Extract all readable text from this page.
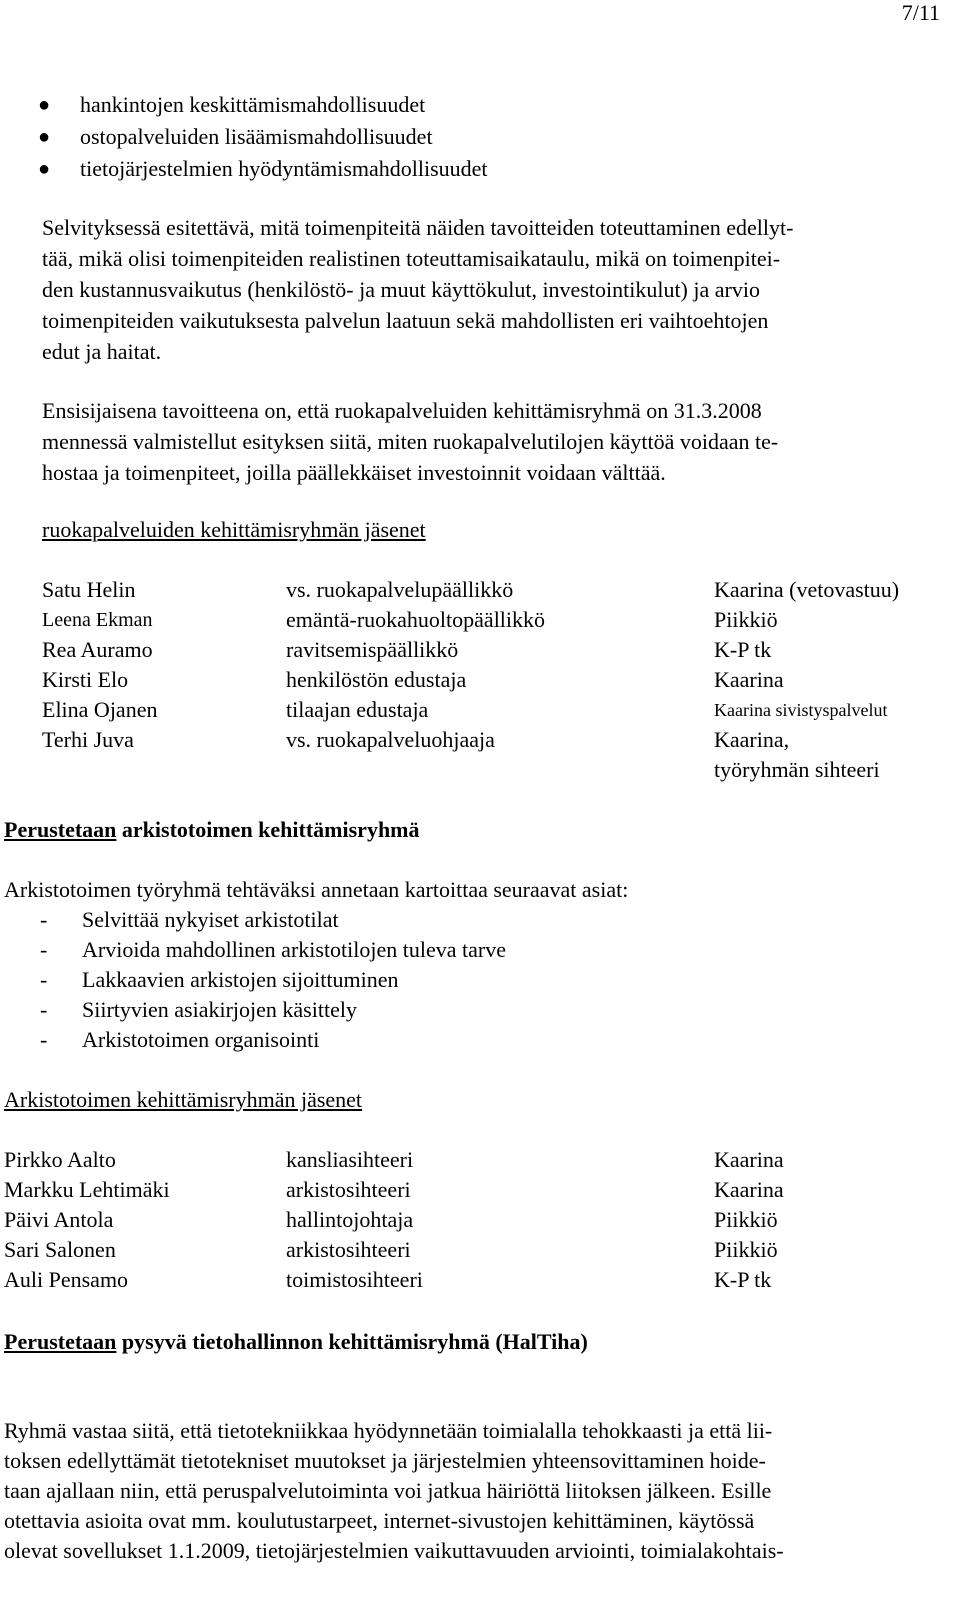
7/11
● hankintojen keskittämismahdollisuudet
● ostopalveluiden lisäämismahdollisuudet
● tietojärjestelmien hyödyntämismahdollisuudet
Selvityksessä esitettävä, mitä toimenpiteitä näiden tavoitteiden toteuttaminen edellyt-
tää, mikä olisi toimenpiteiden realistinen toteuttamisaikataulu, mikä on toimenpitei-
den kustannusvaikutus (henkilöstö- ja muut käyttökulut, investointikulut) ja arvio
toimenpiteiden vaikutuksesta palvelun laatuun sekä mahdollisten eri vaihtoehtojen
edut ja haitat.
Ensisijaisena tavoitteena on, että ruokapalveluiden kehittämisryhmä on 31.3.2008
mennessä valmistellut esityksen siitä, miten ruokapalvelutilojen käyttöä voidaan te-
hostaa ja toimenpiteet, joilla päällekkäiset investoinnit voidaan välttää.
ruokapalveluiden kehittämisryhmän jäsenet
Satu Helin	vs. ruokapalvelupäällikkö	Kaarina (vetovastuu)
Leena Ekman	emäntä-ruokahuoltopäällikkö	Piikkiö
Rea Auramo	ravitsemispäällikkö	K-P tk
Kirsti Elo	henkilöstön edustaja	Kaarina
Elina Ojanen	tilaajan edustaja	Kaarina sivistyspalvelut
Terhi Juva	vs. ruokapalveluohjaaja	Kaarina,
työryhmän sihteeri
Perustetaan arkistotoimen kehittämisryhmä
Arkistotoimen työryhmä tehtäväksi annetaan kartoittaa seuraavat asiat:
- Selvittää nykyiset arkistotilat
- Arvioida mahdollinen arkistotilojen tuleva tarve
- Lakkaavien arkistojen sijoittuminen
- Siirtyvien asiakirjojen käsittely
- Arkistotoimen organisointi
Arkistotoimen kehittämisryhmän jäsenet
Pirkko Aalto	kansliasihteeri	Kaarina
Markku Lehtimäki	arkistosihteeri	Kaarina
Päivi Antola	hallintojohtaja	Piikkiö
Sari Salonen	arkistosihteeri	Piikkiö
Auli Pensamo	toimistosihteeri	K-P tk
Perustetaan pysyvä tietohallinnon kehittämisryhmä (HalTiha)
Ryhmä vastaa siitä, että tietotekniikkaa hyödynnetään toimialalla tehokkaasti ja että lii-
toksen edellyttämät tietotekniset muutokset ja järjestelmien yhteensovittaminen hoide-
taan ajallaan niin, että peruspalvelutoiminta voi jatkua häiriöttä liitoksen jälkeen. Esille
otettavia asioita ovat mm. koulutustarpeet, internet-sivustojen kehittäminen, käytössä
olevat sovellukset 1.1.2009, tietojärjestelmien vaikuttavuuden arviointi, toimialakohtais-
